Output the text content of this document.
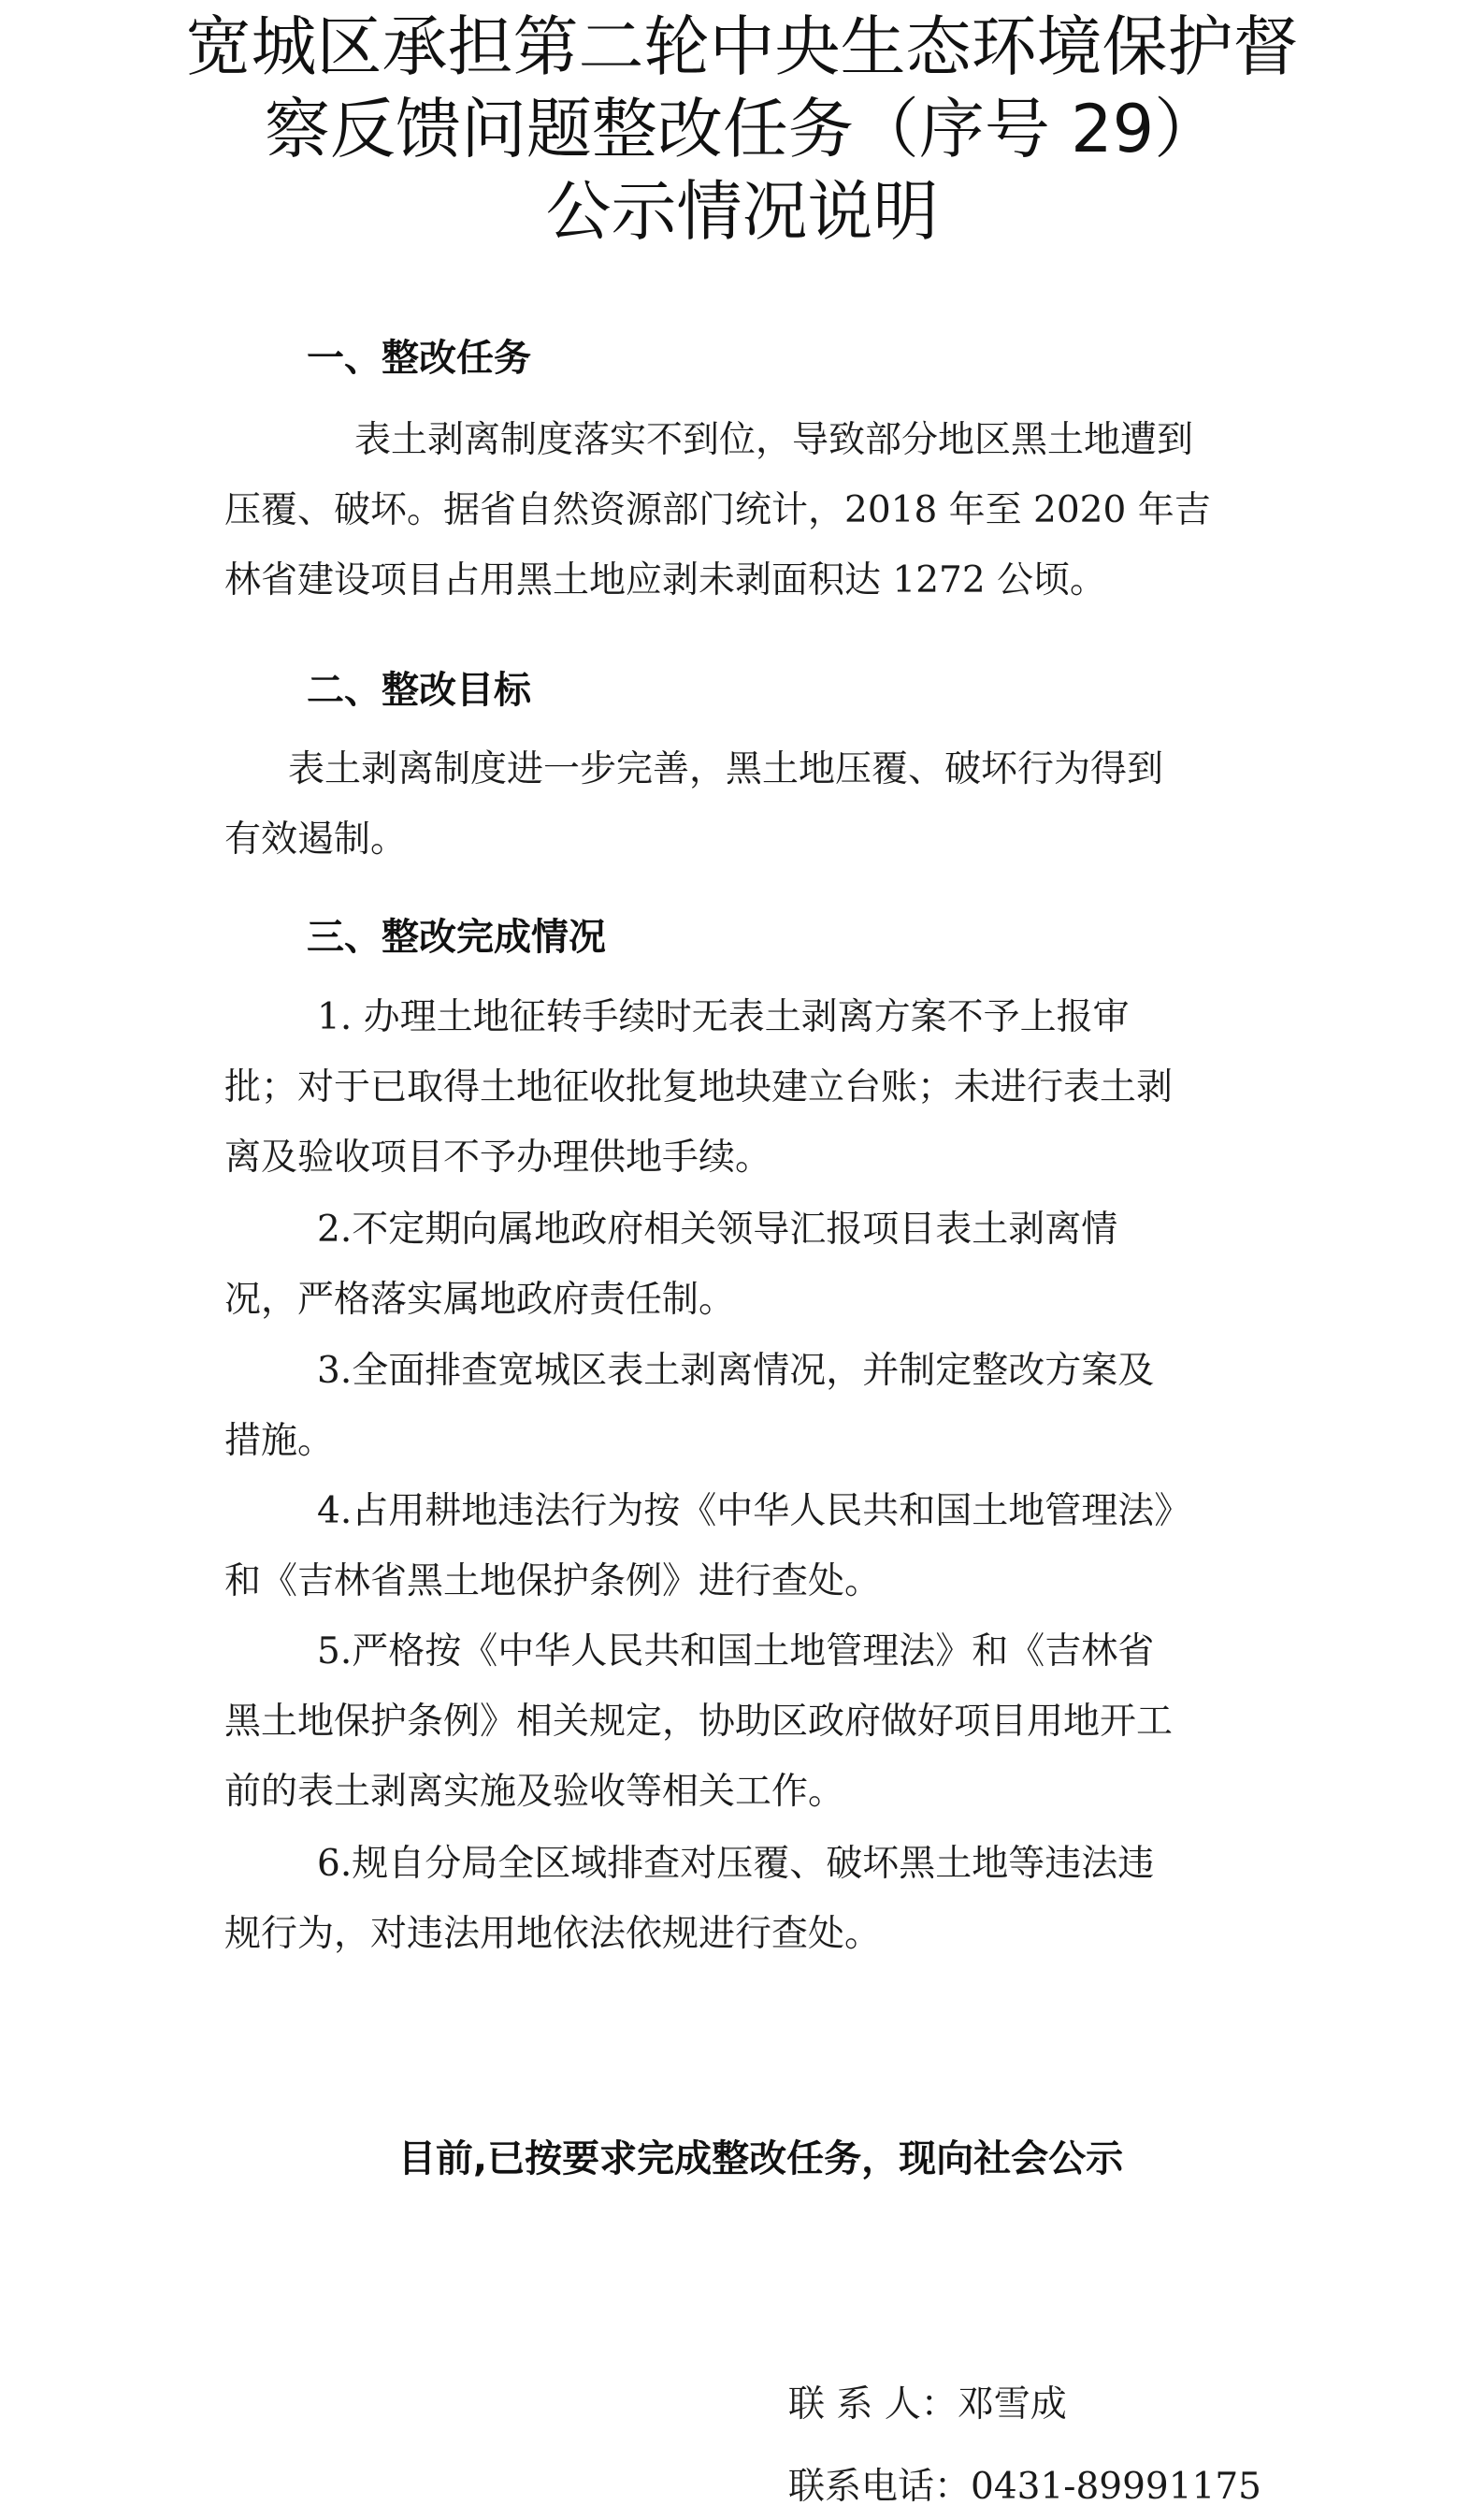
宽城区承担第二轮中央生态环境保护督
察反馈问题整改任务（序号 29）
公示情况说明
一、整改任务

　表土剥离制度落实不到位，导致部分地区黑土地遭到

压覆、破坏。据省自然资源部门统计，2018 年至 2020 年吉
林省建设项目占用黑土地应剥未剥面积达 1272 公顷。

二、整改目标

表土剥离制度进一步完善，黑土地压覆、破坏行为得到

有效遏制。

三、整改完成情况

　1. 办理土地征转手续时无表土剥离方案不予上报审

批；对于已取得土地征收批复地块建立台账；未进行表土剥
离及验收项目不予办理供地手续。

　2.不定期向属地政府相关领导汇报项目表土剥离情

况，严格落实属地政府责任制。

　3.全面排查宽城区表土剥离情况，并制定整改方案及

措施。

　4.占用耕地违法行为按《中华人民共和国土地管理法》

和《吉林省黑土地保护条例》进行查处。

　5.严格按《中华人民共和国土地管理法》和《吉林省

黑土地保护条例》相关规定，协助区政府做好项目用地开工
前的表土剥离实施及验收等相关工作。

　6.规自分局全区域排查对压覆、破坏黑土地等违法违

规行为，对违法用地依法依规进行查处。

目前,已按要求完成整改任务，现向社会公示
联 系 人：邓雪成
联系电话：0431-89991175
